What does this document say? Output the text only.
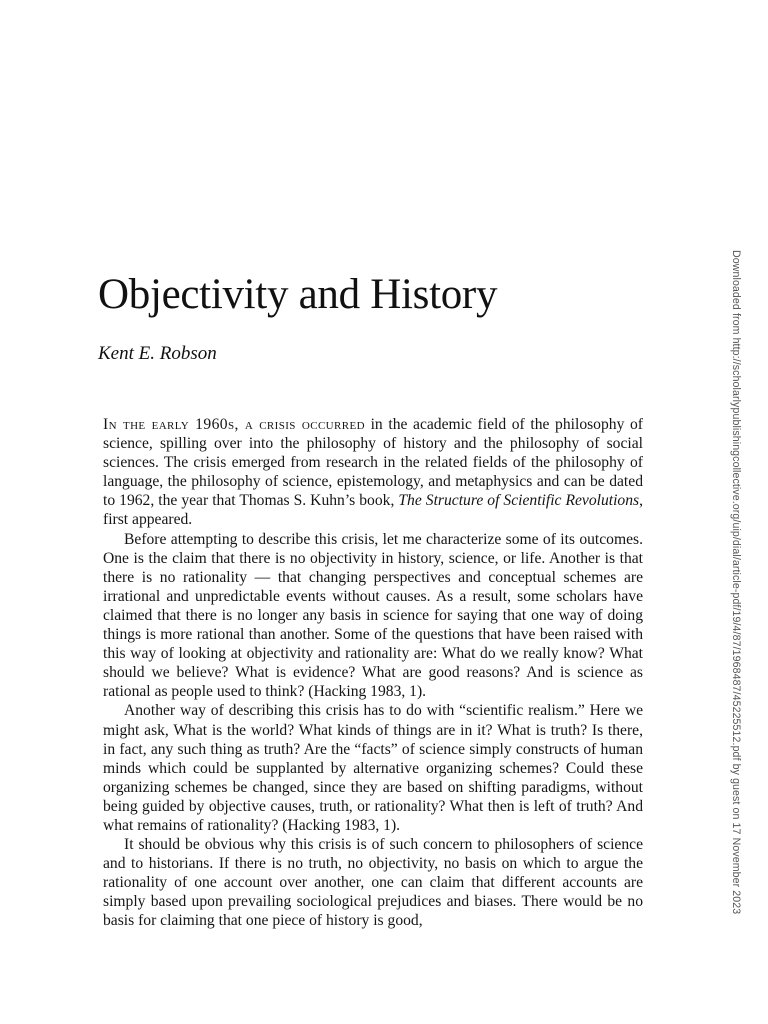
Objectivity and History

Kent E. Robson

In the early 1960s, a crisis occurred in the academic field of the philosophy of science, spilling over into the philosophy of history and the philosophy of social sciences. The crisis emerged from research in the related fields of the philosophy of language, the philosophy of science, epistemology, and metaphysics and can be dated to 1962, the year that Thomas S. Kuhn’s book, The Structure of Scientific Revolutions, first appeared.

Before attempting to describe this crisis, let me characterize some of its outcomes. One is the claim that there is no objectivity in history, science, or life. Another is that there is no rationality — that changing perspectives and conceptual schemes are irrational and unpredictable events without causes. As a result, some scholars have claimed that there is no longer any basis in science for saying that one way of doing things is more rational than another. Some of the questions that have been raised with this way of looking at objectivity and rationality are: What do we really know? What should we believe? What is evidence? What are good reasons? And is science as rational as people used to think? (Hacking 1983, 1).

Another way of describing this crisis has to do with “scientific realism.” Here we might ask, What is the world? What kinds of things are in it? What is truth? Is there, in fact, any such thing as truth? Are the “facts” of science simply constructs of human minds which could be supplanted by alternative organizing schemes? Could these organizing schemes be changed, since they are based on shifting paradigms, without being guided by objective causes, truth, or rationality? What then is left of truth? And what remains of rationality? (Hacking 1983, 1).

It should be obvious why this crisis is of such concern to philosophers of science and to historians. If there is no truth, no objectivity, no basis on which to argue the rationality of one account over another, one can claim that different accounts are simply based upon prevailing sociological prejudices and biases. There would be no basis for claiming that one piece of history is good,

Downloaded from http://scholarlypublishingcollective.org/uip/dial/article-pdf/19/4/87/1968487/45225512.pdf by guest on 17 November 2023
